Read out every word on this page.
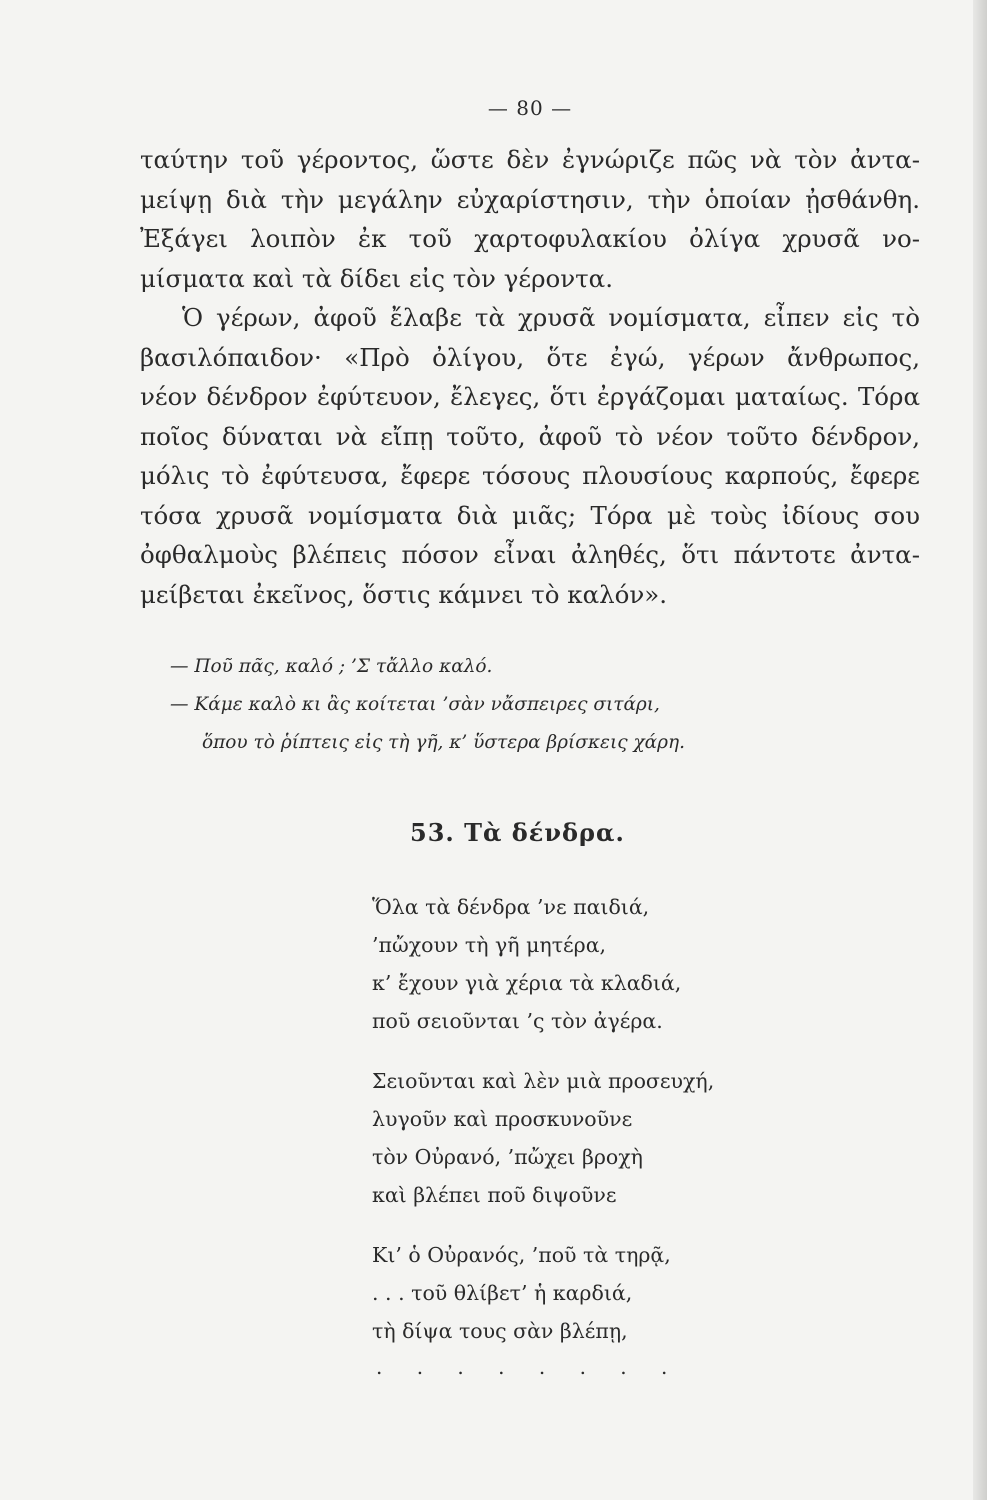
— 80 —
ταύτην τοῦ γέροντος, ὥστε δὲν ἐγνώριζε πῶς νὰ τὸν ἀντα-
μείψῃ διὰ τὴν μεγάλην εὐχαρίστησιν, τὴν ὁποίαν ᾐσθάνθη.
Ἐξάγει λοιπὸν ἐκ τοῦ χαρτοφυλακίου ὀλίγα χρυσᾶ νο-
μίσματα καὶ τὰ δίδει εἰς τὸν γέροντα.
Ὁ γέρων, ἀφοῦ ἔλαβε τὰ χρυσᾶ νομίσματα, εἶπεν εἰς τὸ
βασιλόπαιδον· «Πρὸ ὀλίγου, ὅτε ἐγώ, γέρων ἄνθρωπος,
νέον δένδρον ἐφύτευον, ἔλεγες, ὅτι ἐργάζομαι ματαίως. Τόρα
ποῖος δύναται νὰ εἴπῃ τοῦτο, ἀφοῦ τὸ νέον τοῦτο δένδρον,
μόλις τὸ ἐφύτευσα, ἔφερε τόσους πλουσίους καρπούς, ἔφερε
τόσα χρυσᾶ νομίσματα διὰ μιᾶς; Τόρα μὲ τοὺς ἰδίους σου
ὀφθαλμοὺς βλέπεις πόσον εἶναι ἀληθές, ὅτι πάντοτε ἀντα-
μείβεται ἐκεῖνος, ὅστις κάμνει τὸ καλόν».
— Ποῦ πᾶς, καλό ; ’Σ τἄλλο καλό.
— Κάμε καλὸ κι ἂς κοίτεται ’σὰν νἄσπειρες σιτάρι,
ὅπου τὸ ῥίπτεις εἰς τὴ γῆ, κ’ ὕστερα βρίσκεις χάρη.
53. Τὰ δένδρα.
Ὅλα τὰ δένδρα ’νε παιδιά,
’πὤχουν τὴ γῆ μητέρα,
κ’ ἔχουν γιὰ χέρια τὰ κλαδιά,
ποῦ σειοῦνται ’ς τὸν ἀγέρα.
Σειοῦνται καὶ λὲν μιὰ προσευχή,
λυγοῦν καὶ προσκυνοῦνε
τὸν Οὐρανό, ’πὤχει βροχὴ
καὶ βλέπει ποῦ διψοῦνε
Κι’ ὁ Οὐρανός, ’ποῦ τὰ τηρᾷ,
. . . τοῦ θλίβετ’ ἡ καρδιά,
τὴ δίψα τους σὰν βλέπῃ,
. . . . . . . .
